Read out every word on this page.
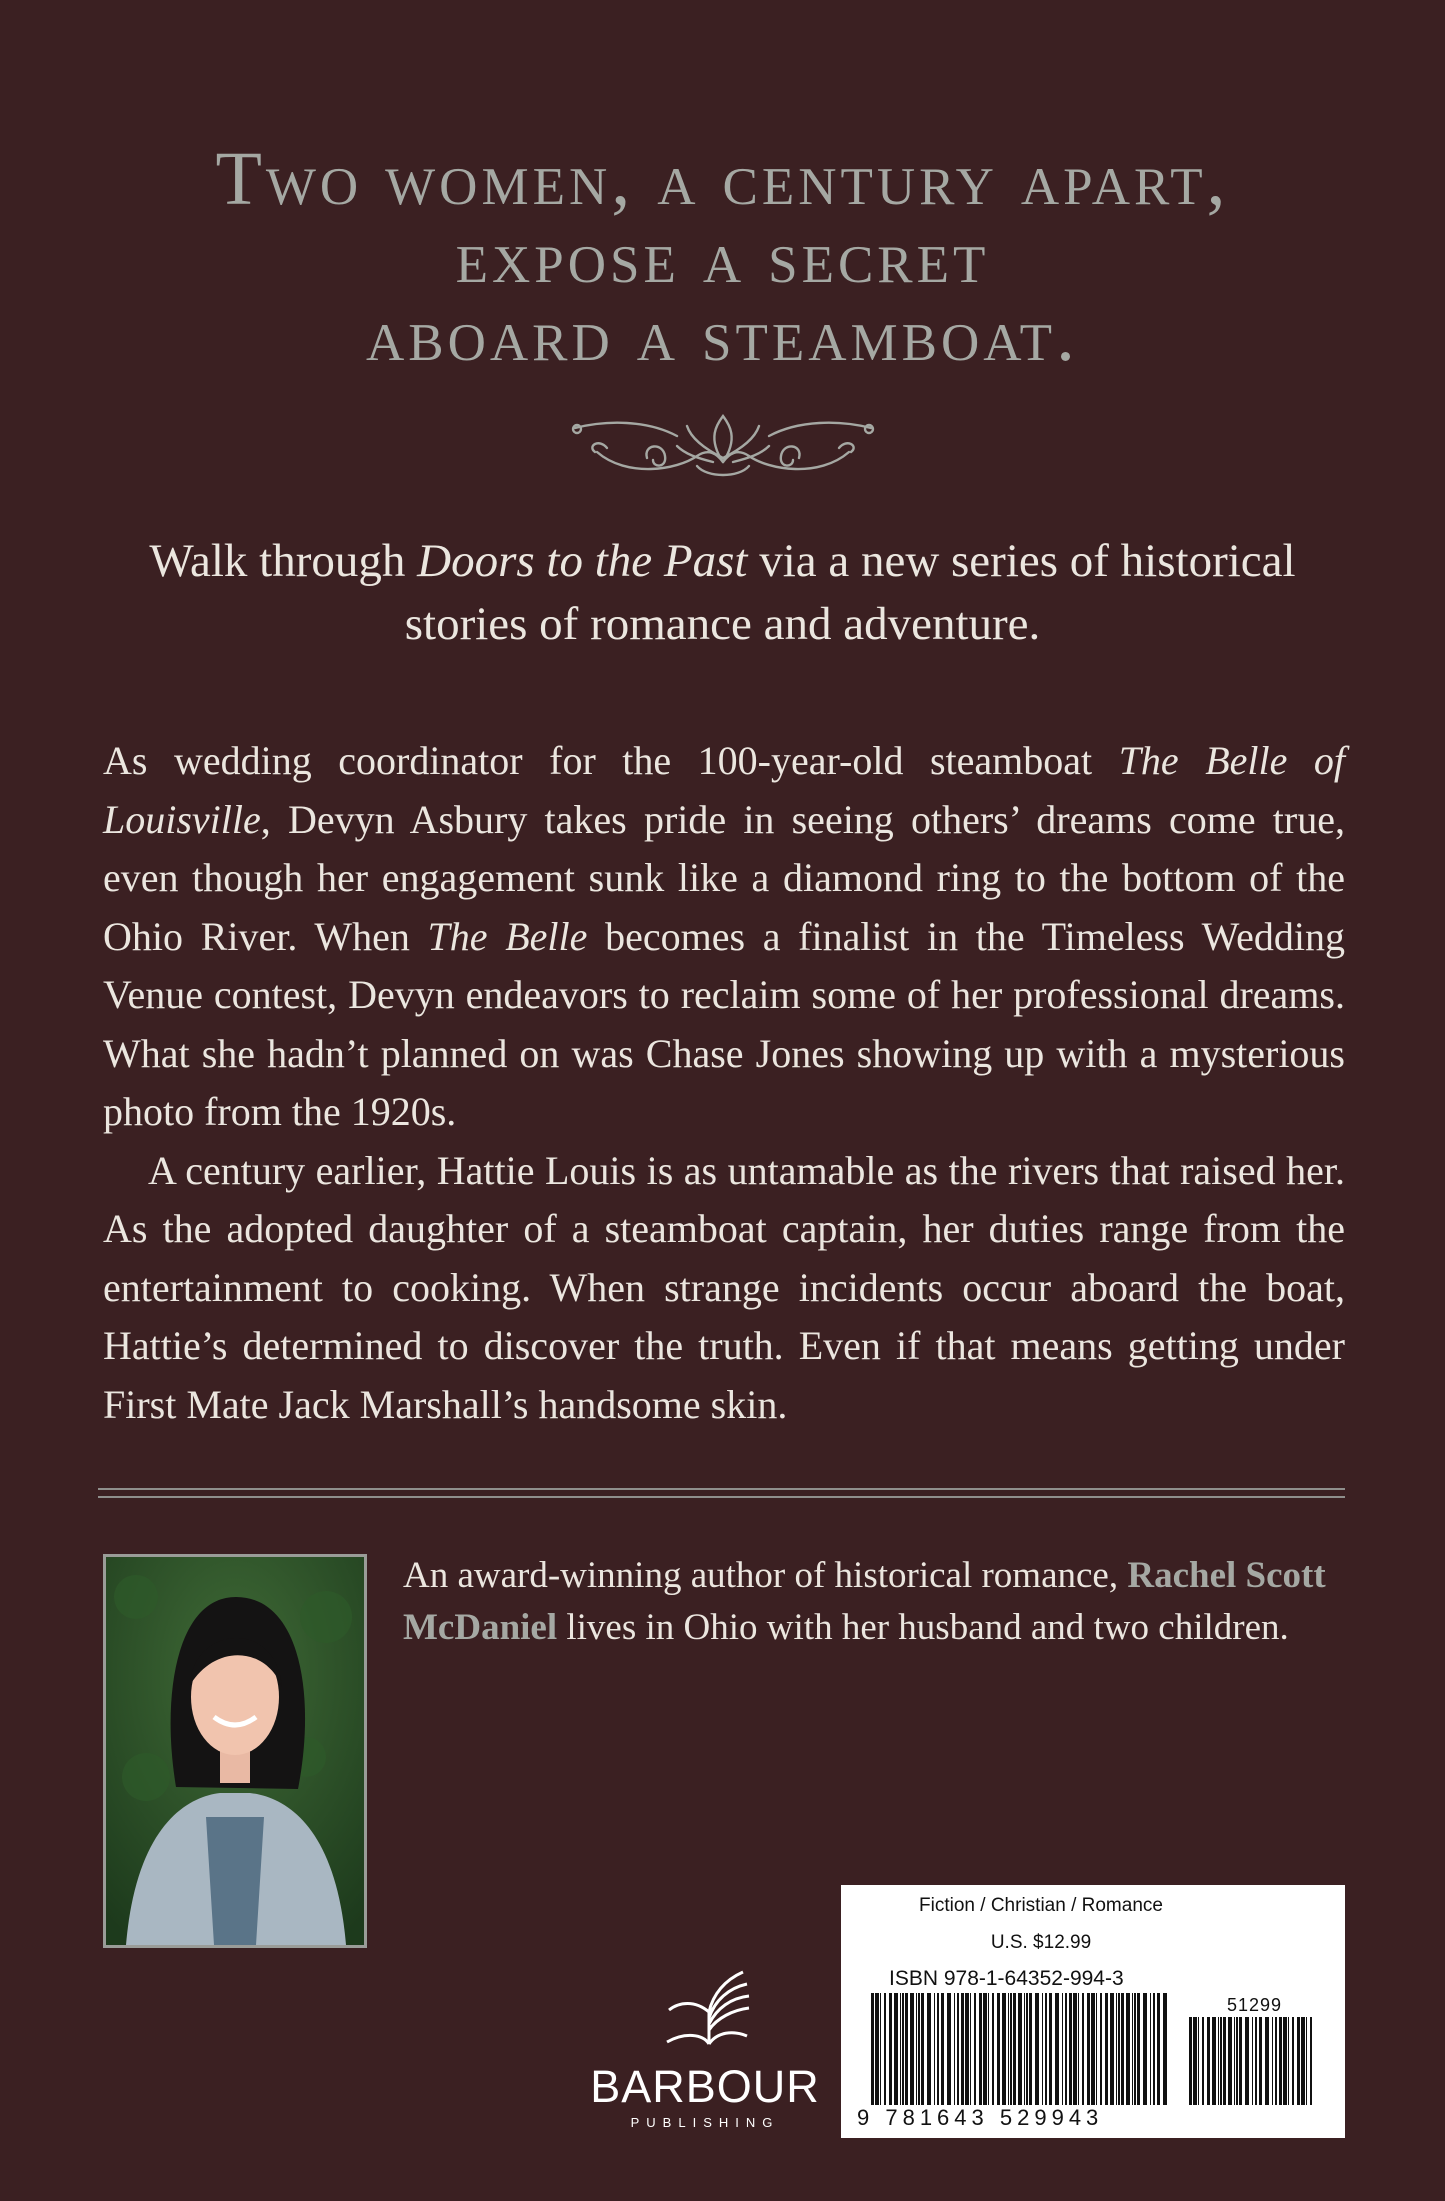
Two women, a century apart,
expose a secret
aboard a steamboat.
Walk through Doors to the Past via a new series of historical stories of romance and adventure.

As wedding coordinator for the 100-year-old steamboat The Belle of Louisville, Devyn Asbury takes pride in seeing others’ dreams come true, even though her engagement sunk like a diamond ring to the bottom of the Ohio River. When The Belle becomes a finalist in the Timeless Wedding Venue contest, Devyn endeavors to reclaim some of her professional dreams. What she hadn’t planned on was Chase Jones showing up with a mysterious photo from the 1920s.

A century earlier, Hattie Louis is as untamable as the rivers that raised her. As the adopted daughter of a steamboat captain, her duties range from the entertainment to cooking. When strange incidents occur aboard the boat, Hattie’s determined to discover the truth. Even if that means getting under First Mate Jack Marshall’s handsome skin.

An award-winning author of historical romance, Rachel Scott McDaniel lives in Ohio with her husband and two children.
BARBOUR
PUBLISHING
Fiction / Christian / Romance
U.S. $12.99
ISBN 978-1-64352-994-3
51299
9 781643 529943
